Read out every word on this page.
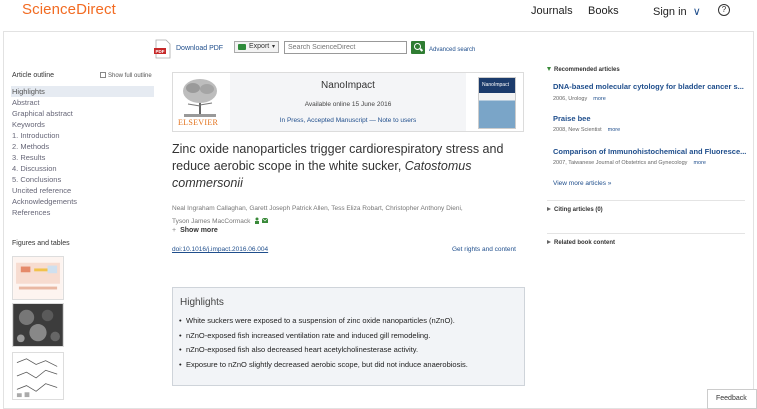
ScienceDirect	Journals Books	Sign in ∨	?
PDF Download PDF	Export ▾
Search ScienceDirect	Advanced search
Article outline	Show full outline
Highlights
Abstract
Graphical abstract
Keywords
1. Introduction
2. Methods
3. Results
4. Discussion
5. Conclusions
Uncited reference
Acknowledgements
References
Figures and tables
ELSEVIER
NanoImpact
Available online 15 June 2016
In Press, Accepted Manuscript — Note to users
NanoImpact
Zinc oxide nanoparticles trigger cardiorespiratory stress and reduce aerobic scope in the white sucker, Catostomus commersonii
Neal Ingraham Callaghan, Garett Joseph Patrick Allen, Tess Eliza Robart, Christopher Anthony Dieni,
Tyson James MacCormack
+ Show more
doi:10.1016/j.impact.2016.06.004	Get rights and content
Highlights
• White suckers were exposed to a suspension of zinc oxide nanoparticles (nZnO).
• nZnO-exposed fish increased ventilation rate and induced gill remodeling.
• nZnO-exposed fish also decreased heart acetylcholinesterase activity.
• Exposure to nZnO slightly decreased aerobic scope, but did not induce anaerobiosis.
Recommended articles
DNA-based molecular cytology for bladder cancer s...
2006, Urology more
Praise bee
2008, New Scientist more
Comparison of Immunohistochemical and Fluoresce...
2007, Taiwanese Journal of Obstetrics and Gynecology more
View more articles »
Citing articles (0)
Related book content
Feedback
